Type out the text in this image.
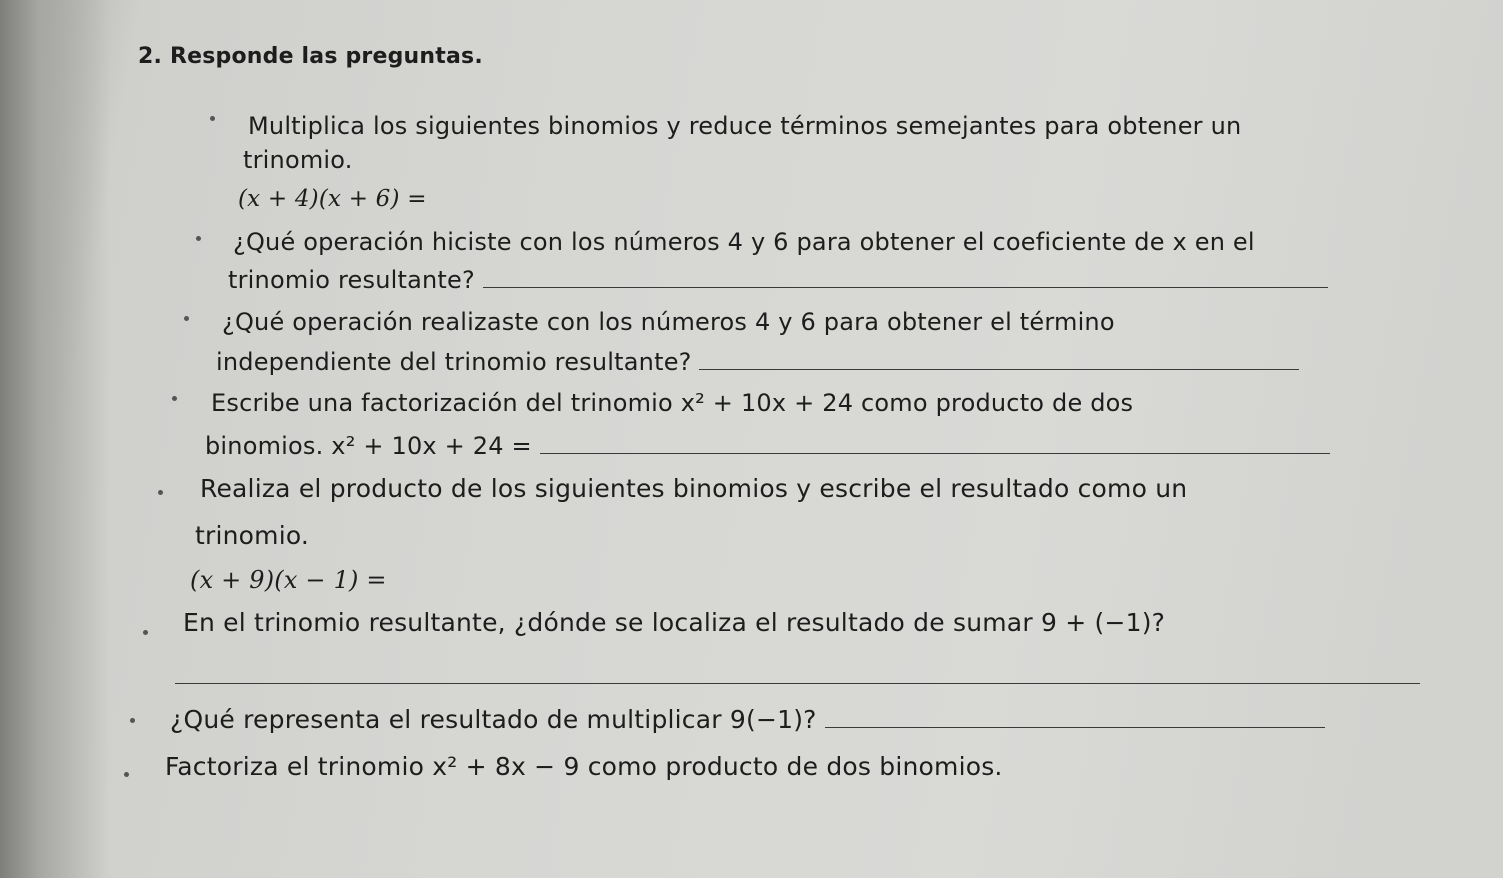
2. Responde las preguntas.
Multiplica los siguientes binomios y reduce términos semejantes para obtener un
trinomio.
(x + 4)(x + 6) =
¿Qué operación hiciste con los números 4 y 6 para obtener el coeficiente de x en el
trinomio resultante?
¿Qué operación realizaste con los números 4 y 6 para obtener el término
independiente del trinomio resultante?
Escribe una factorización del trinomio x² + 10x + 24 como producto de dos
binomios. x² + 10x + 24 =
Realiza el producto de los siguientes binomios y escribe el resultado como un
trinomio.
(x + 9)(x − 1) =
En el trinomio resultante, ¿dónde se localiza el resultado de sumar 9 + (−1)?
¿Qué representa el resultado de multiplicar 9(−1)?
Factoriza el trinomio x² + 8x − 9 como producto de dos binomios.
